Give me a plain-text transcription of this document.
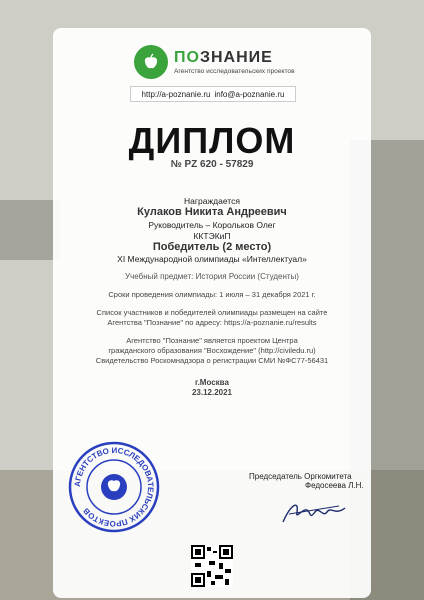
ПОЗНАНИЕ
Агентство исследовательских проектов
http://a-poznanie.ru info@a-poznanie.ru
ДИПЛОМ
№ PZ 620 - 57829
Награждается
Кулаков Никита Андреевич
Руководитель – Корольков Олег
ККТЭКиП
Победитель (2 место)
XI Международной олимпиады «Интеллектуал»
Учебный предмет: История России (Студенты)
Сроки проведения олимпиады: 1 июля – 31 декабря 2021 г.
Список участников и победителей олимпиады размещен на сайте
Агентства "Познание" по адресу: https://a-poznanie.ru/results
Агентство "Познание" является проектом Центра
гражданского образования "Восхождение" (http://civiledu.ru)
Свидетельство Роскомнадзора о регистрации СМИ №ФС77-56431
г.Москва
23.12.2021
АГЕНТСТВО ИССЛЕДОВАТЕЛЬСКИХ ПРОЕКТОВ
Председатель Оргкомитета
Федосеева Л.Н.
